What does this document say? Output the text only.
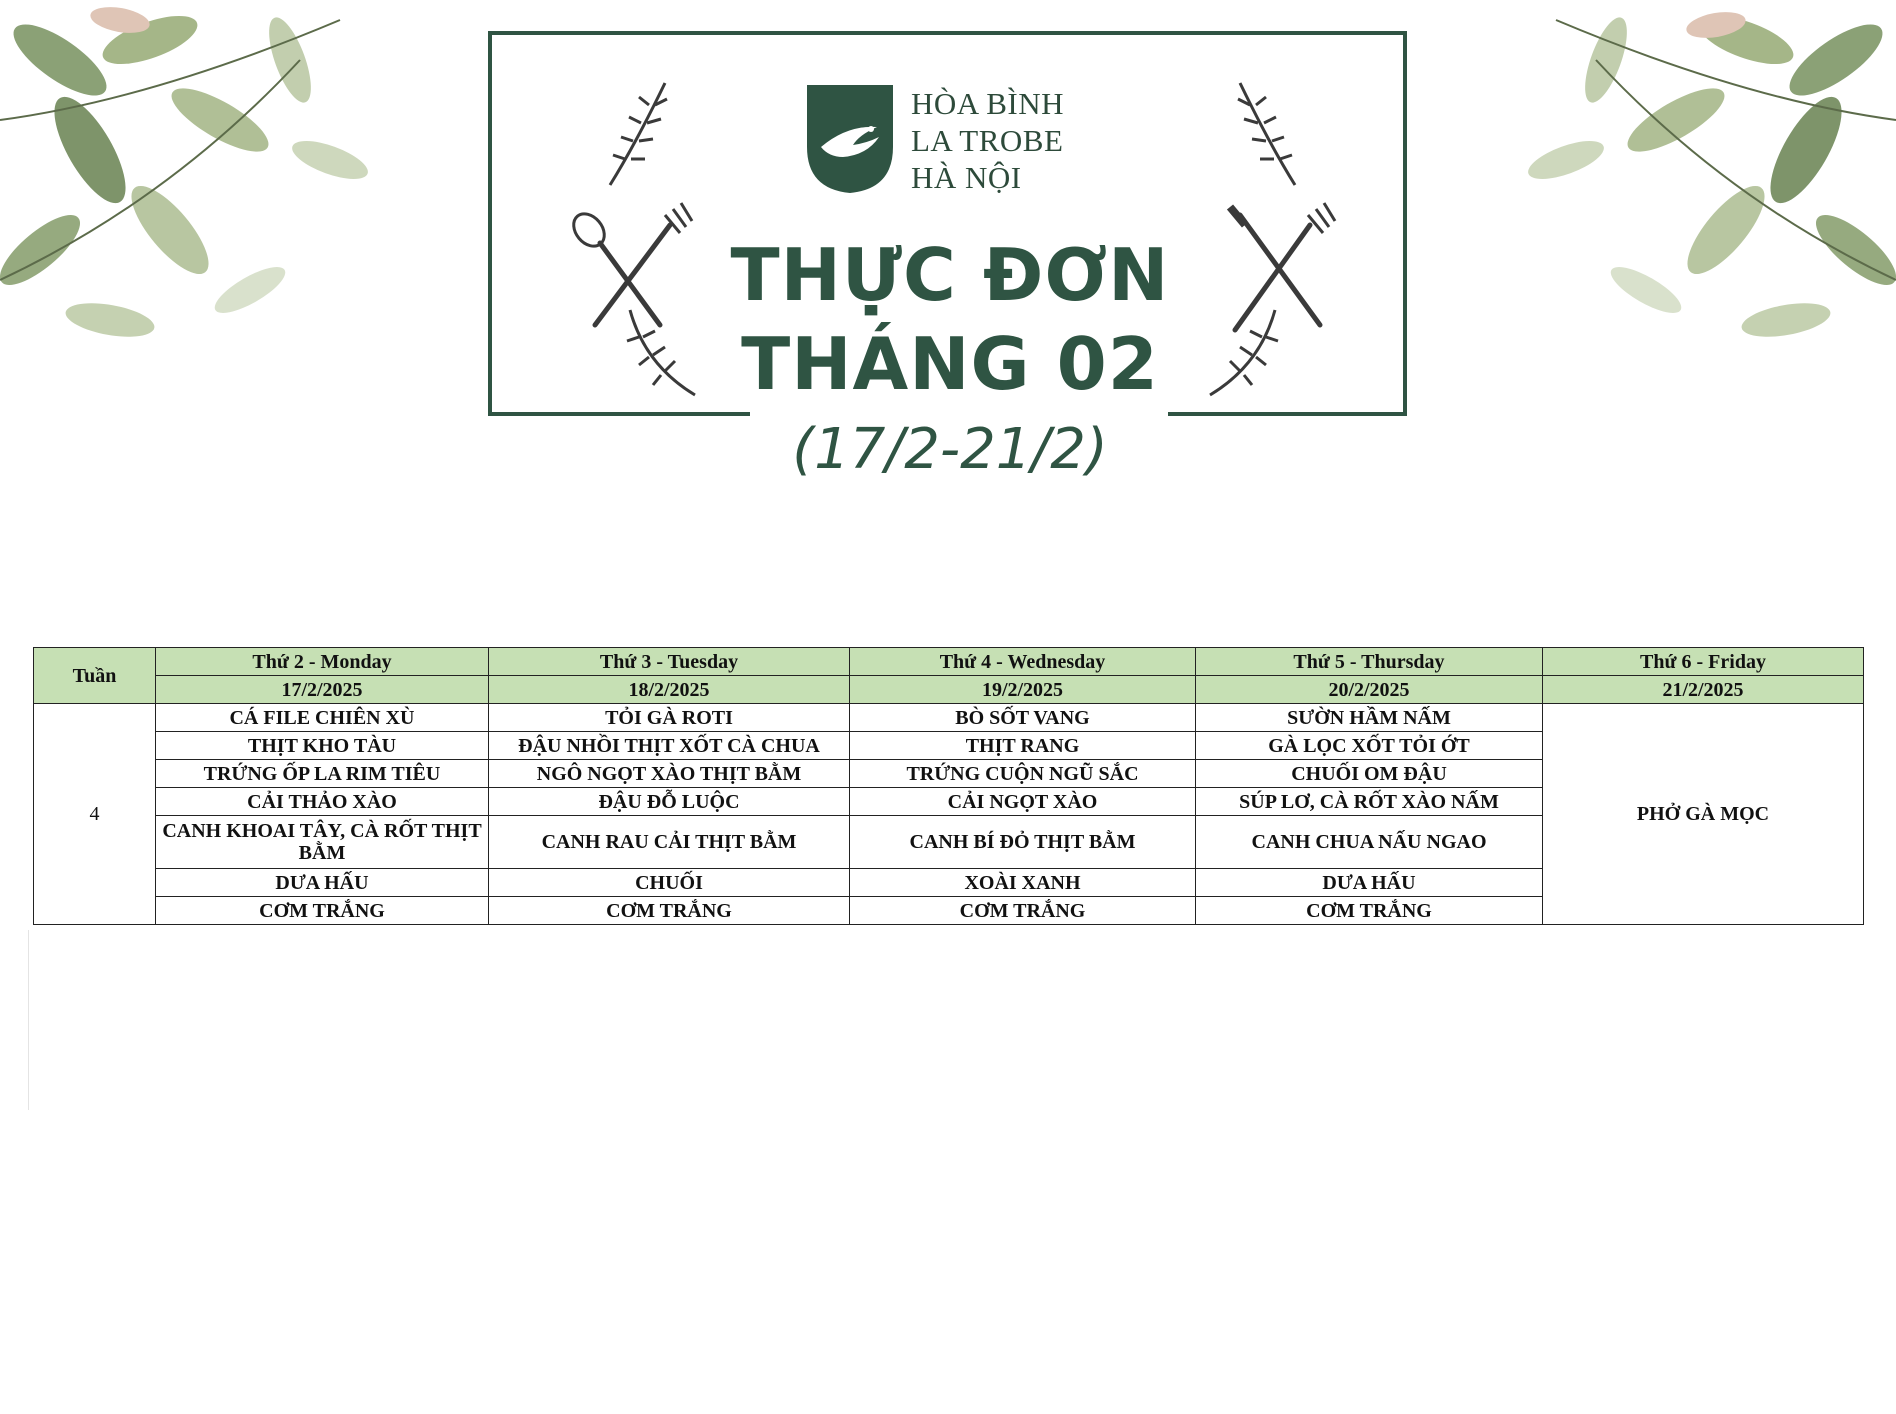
HÒA BÌNH
LA TROBE
HÀ NỘI
THỰC ĐƠN
THÁNG 02
(17/2-21/2)
Tuần	Thứ 2 - Monday	Thứ 3 - Tuesday	Thứ 4 - Wednesday	Thứ 5 - Thursday	Thứ 6 - Friday
	17/2/2025	18/2/2025	19/2/2025	20/2/2025	21/2/2025
4	CÁ FILE CHIÊN XÙ	TỎI GÀ ROTI	BÒ SỐT VANG	SƯỜN HẦM NẤM	PHỞ GÀ MỌC
	THỊT KHO TÀU	ĐẬU NHỒI THỊT XỐT CÀ CHUA	THỊT RANG	GÀ LỌC XỐT TỎI ỚT	
	TRỨNG ỐP LA RIM TIÊU	NGÔ NGỌT XÀO THỊT BẰM	TRỨNG CUỘN NGŨ SẮC	CHUỐI OM ĐẬU	
	CẢI THẢO XÀO	ĐẬU ĐỖ LUỘC	CẢI NGỌT XÀO	SÚP LƠ, CÀ RỐT XÀO NẤM	
	CANH KHOAI TÂY, CÀ RỐT THỊT BẰM	CANH RAU CẢI THỊT BẰM	CANH BÍ ĐỎ THỊT BẰM	CANH CHUA NẤU NGAO	
	DƯA HẤU	CHUỐI	XOÀI XANH	DƯA HẤU	
	CƠM TRẮNG	CƠM TRẮNG	CƠM TRẮNG	CƠM TRẮNG	
